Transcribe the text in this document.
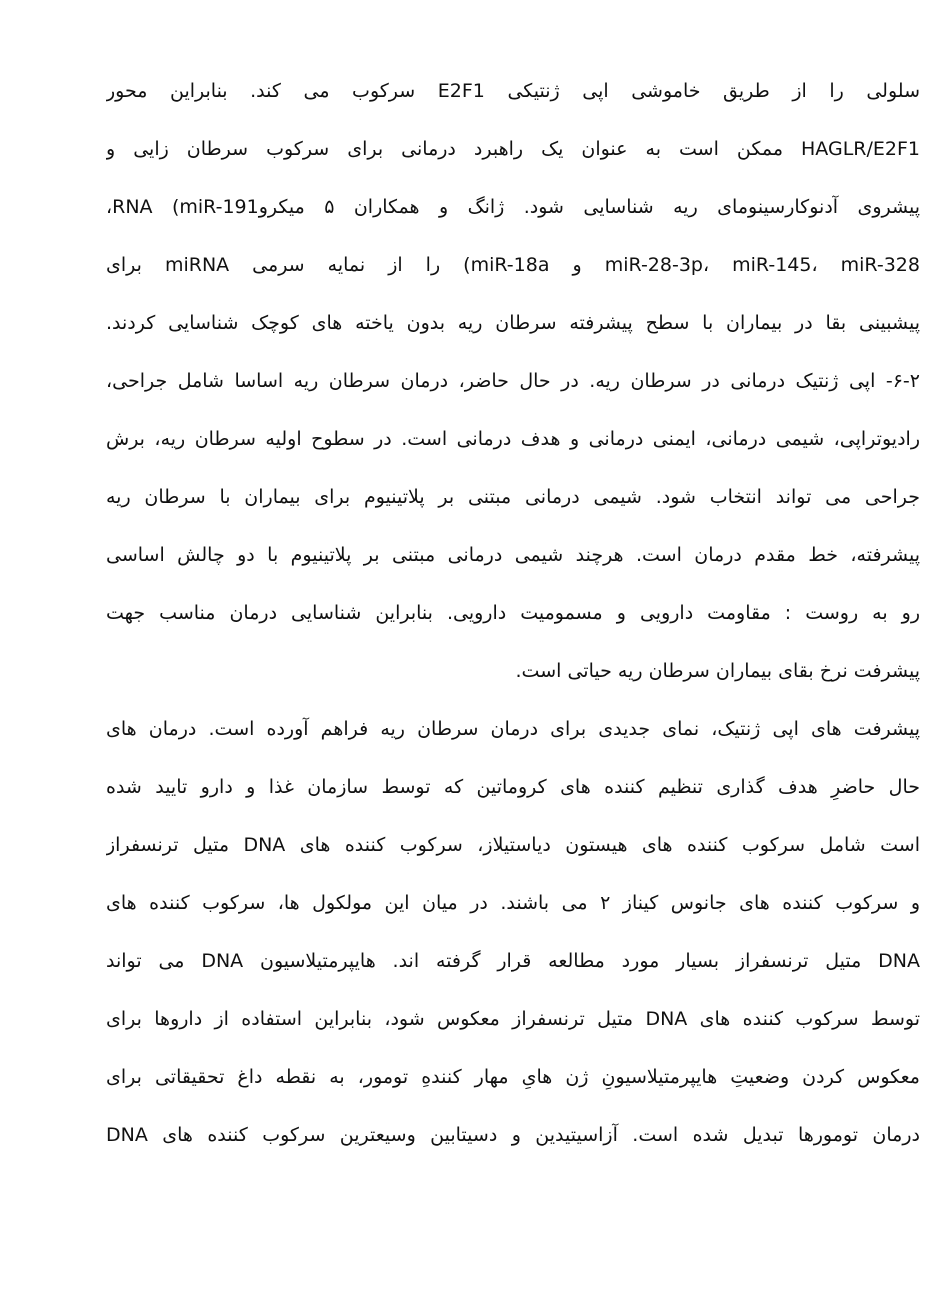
سلولی را از طریق خاموشی اپی ژنتیکی E2F1 سرکوب می کند. بنابراین محور
HAGLR/E2F1 ممکن است به عنوان یک راهبرد درمانی برای سرکوب سرطان زایی و
پیشروی آدنوکارسینومای ریه شناسایی شود. ژانگ و همکاران ۵ میکروRNA (miR-191،
miR-28-3p، miR-145، miR-328 و miR-18a) را از نمایه سرمی miRNA برای
پیشبینی بقا در بیماران با سطح پیشرفته سرطان ریه بدون یاخته های کوچک شناسایی کردند.
۶-۲- اپی ژنتیک درمانی در سرطان ریه. در حال حاضر، درمان سرطان ریه اساسا شامل جراحی،
رادیوتراپی، شیمی درمانی، ایمنی درمانی و هدف درمانی است. در سطوح اولیه سرطان ریه، برش
جراحی می تواند انتخاب شود. شیمی درمانی مبتنی بر پلاتینیوم برای بیماران با سرطان ریه
پیشرفته، خط مقدم درمان است. هرچند شیمی درمانی مبتنی بر پلاتینیوم با دو چالش اساسی
رو به روست : مقاومت دارویی و مسمومیت دارویی. بنابراین شناسایی درمان مناسب جهت
پیشرفت نرخ بقای بیماران سرطان ریه حیاتی است.
پیشرفت های اپی ژنتیک، نمای جدیدی برای درمان سرطان ریه فراهم آورده است. درمان های
حال حاضرِ هدف گذاری تنظیم کننده های کروماتین که توسط سازمان غذا و دارو تایید شده
است شامل سرکوب کننده های هیستون دیاستیلاز، سرکوب کننده های DNA متیل ترنسفراز
و سرکوب کننده های جانوس کیناز ۲ می باشند. در میان این مولکول ها، سرکوب کننده های
DNA متیل ترنسفراز بسیار مورد مطالعه قرار گرفته اند. هایپرمتیلاسیون DNA می تواند
توسط سرکوب کننده های DNA متیل ترنسفراز معکوس شود، بنابراین استفاده از داروها برای
معکوس کردن وضعیتِ هایپرمتیلاسیونِ ژن هایِ مهار کنندهِ تومور، به نقطه داغ تحقیقاتی برای
درمان تومورها تبدیل شده است. آزاسیتیدین و دسیتابین وسیعترین سرکوب کننده های DNA
